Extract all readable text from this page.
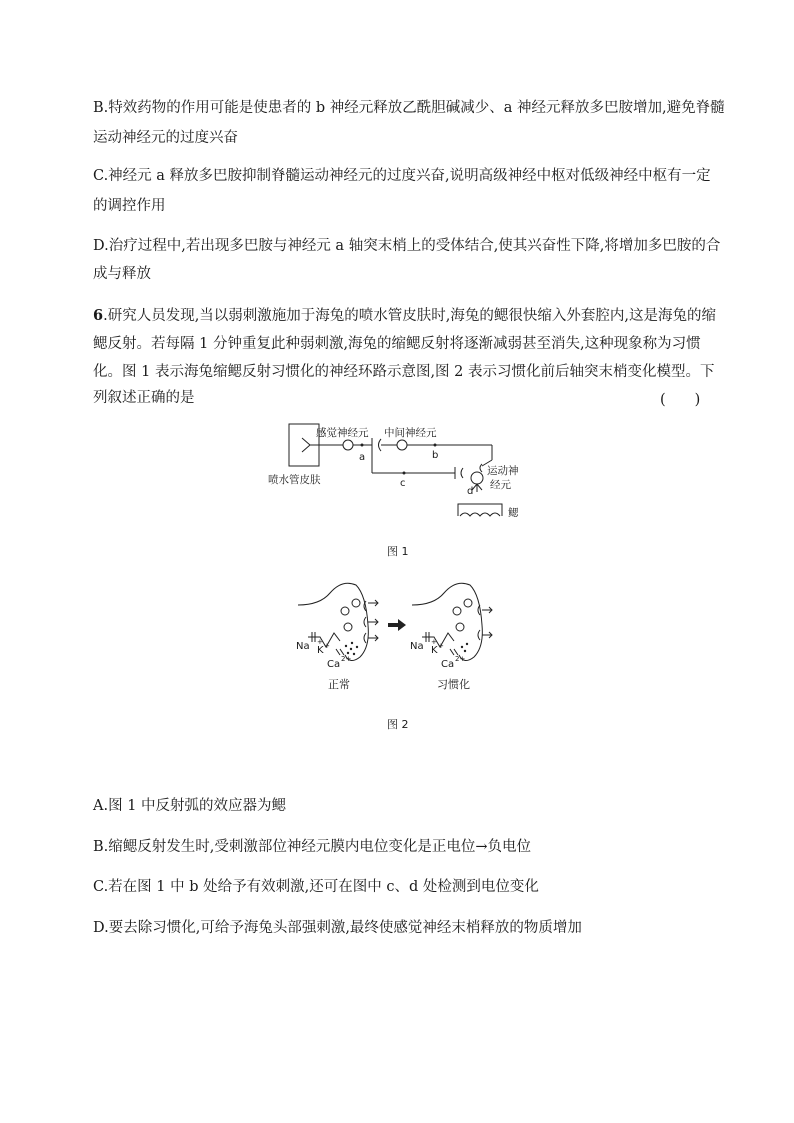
B.特效药物的作用可能是使患者的 b 神经元释放乙酰胆碱减少、a 神经元释放多巴胺增加,避免脊髓
运动神经元的过度兴奋
C.神经元 a 释放多巴胺抑制脊髓运动神经元的过度兴奋,说明高级神经中枢对低级神经中枢有一定
的调控作用
D.治疗过程中,若出现多巴胺与神经元 a 轴突末梢上的受体结合,使其兴奋性下降,将增加多巴胺的合
成与释放
6.研究人员发现,当以弱刺激施加于海兔的喷水管皮肤时,海兔的鳃很快缩入外套腔内,这是海兔的缩
鳃反射。若每隔 1 分钟重复此种弱刺激,海兔的缩鳃反射将逐渐减弱甚至消失,这种现象称为习惯
化。图 1 表示海兔缩鳃反射习惯化的神经环路示意图,图 2 表示习惯化前后轴突末梢变化模型。下
列叙述正确的是	(　　)
感觉神经元 中间神经元
喷水管皮肤
运动神
经元
鳃
a	b
c
d
图 1
Na +
K +
Ca 2+
Na +
K +
Ca 2+
正常	习惯化
图 2
A.图 1 中反射弧的效应器为鳃
B.缩鳃反射发生时,受刺激部位神经元膜内电位变化是正电位→负电位
C.若在图 1 中 b 处给予有效刺激,还可在图中 c、d 处检测到电位变化
D.要去除习惯化,可给予海兔头部强刺激,最终使感觉神经末梢释放的物质增加
